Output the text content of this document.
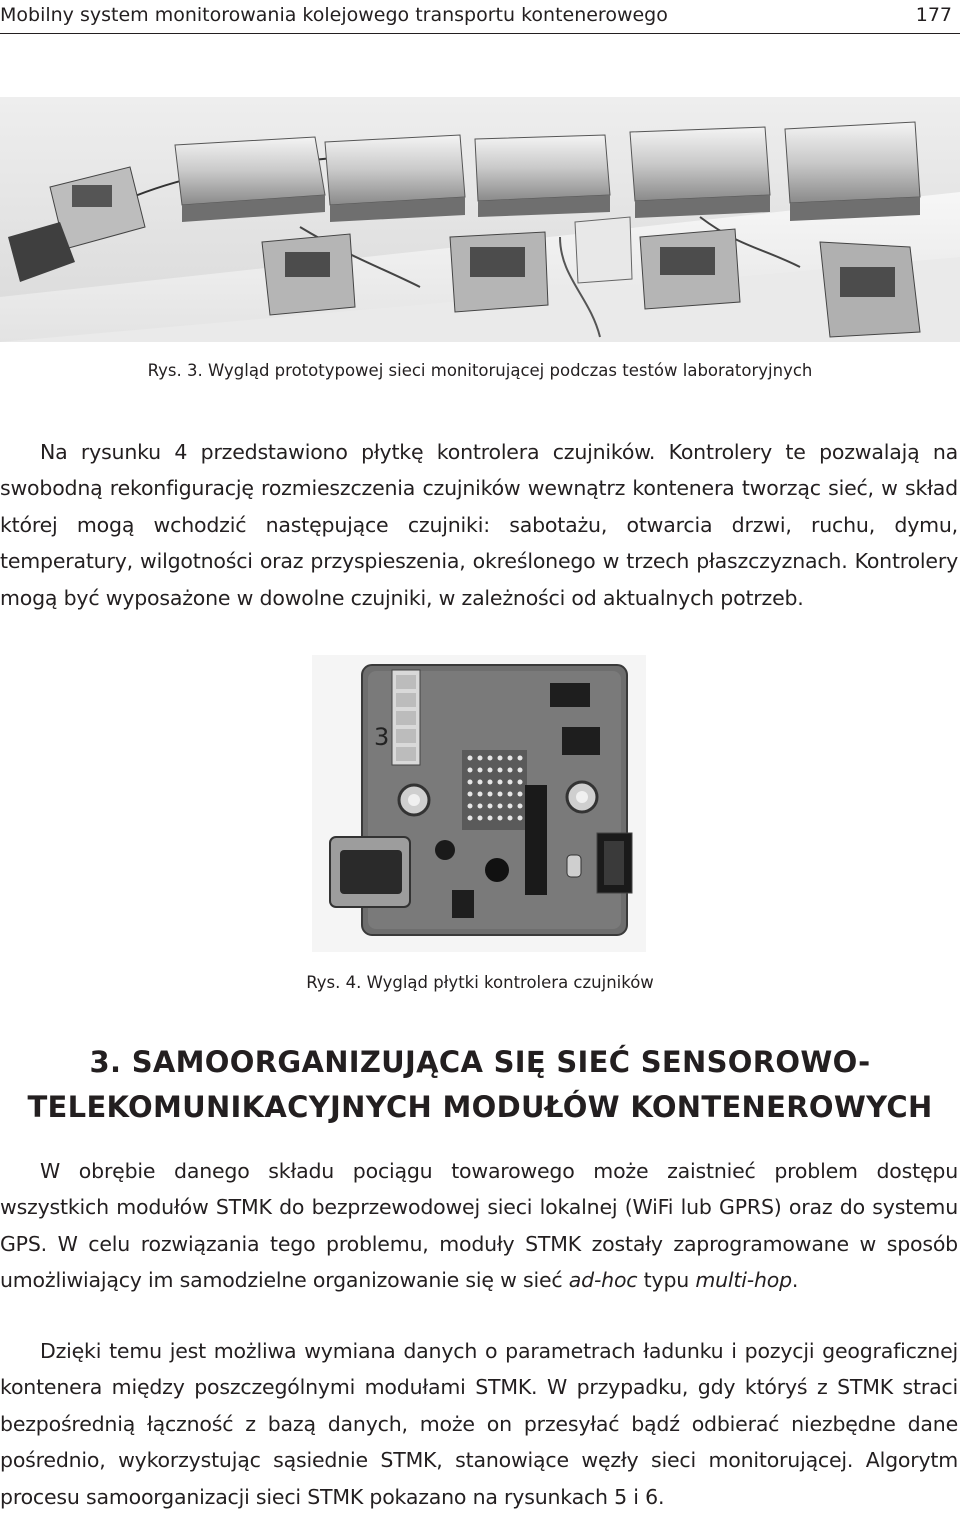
Mobilny system monitorowania kolejowego transportu kontenerowego	177
Rys. 3. Wygląd prototypowej sieci monitorującej podczas testów laboratoryjnych

Na rysunku 4 przedstawiono płytkę kontrolera czujników. Kontrolery te pozwalają na swobodną rekonfigurację rozmieszczenia czujników wewnątrz kontenera tworząc sieć, w skład której mogą wchodzić następujące czujniki: sabotażu, otwarcia drzwi, ruchu, dymu, temperatury, wilgotności oraz przyspieszenia, określonego w trzech płaszczyznach. Kontrolery mogą być wyposażone w dowolne czujniki, w zależności od aktualnych potrzeb.

3
Rys. 4. Wygląd płytki kontrolera czujników
3. SAMOORGANIZUJĄCA SIĘ SIEĆ SENSOROWO-
TELEKOMUNIKACYJNYCH MODUŁÓW KONTENEROWYCH

W obrębie danego składu pociągu towarowego może zaistnieć problem dostępu wszystkich modułów STMK do bezprzewodowej sieci lokalnej (WiFi lub GPRS) oraz do systemu GPS. W celu rozwiązania tego problemu, moduły STMK zostały zaprogramowane w sposób umożliwiający im samodzielne organizowanie się w sieć ad-hoc typu multi-hop.

Dzięki temu jest możliwa wymiana danych o parametrach ładunku i pozycji geograficznej kontenera między poszczególnymi modułami STMK. W przypadku, gdy któryś z STMK straci bezpośrednią łączność z bazą danych, może on przesyłać bądź odbierać niezbędne dane pośrednio, wykorzystując sąsiednie STMK, stanowiące węzły sieci monitorującej. Algorytm procesu samoorganizacji sieci STMK pokazano na rysunkach 5 i 6.
